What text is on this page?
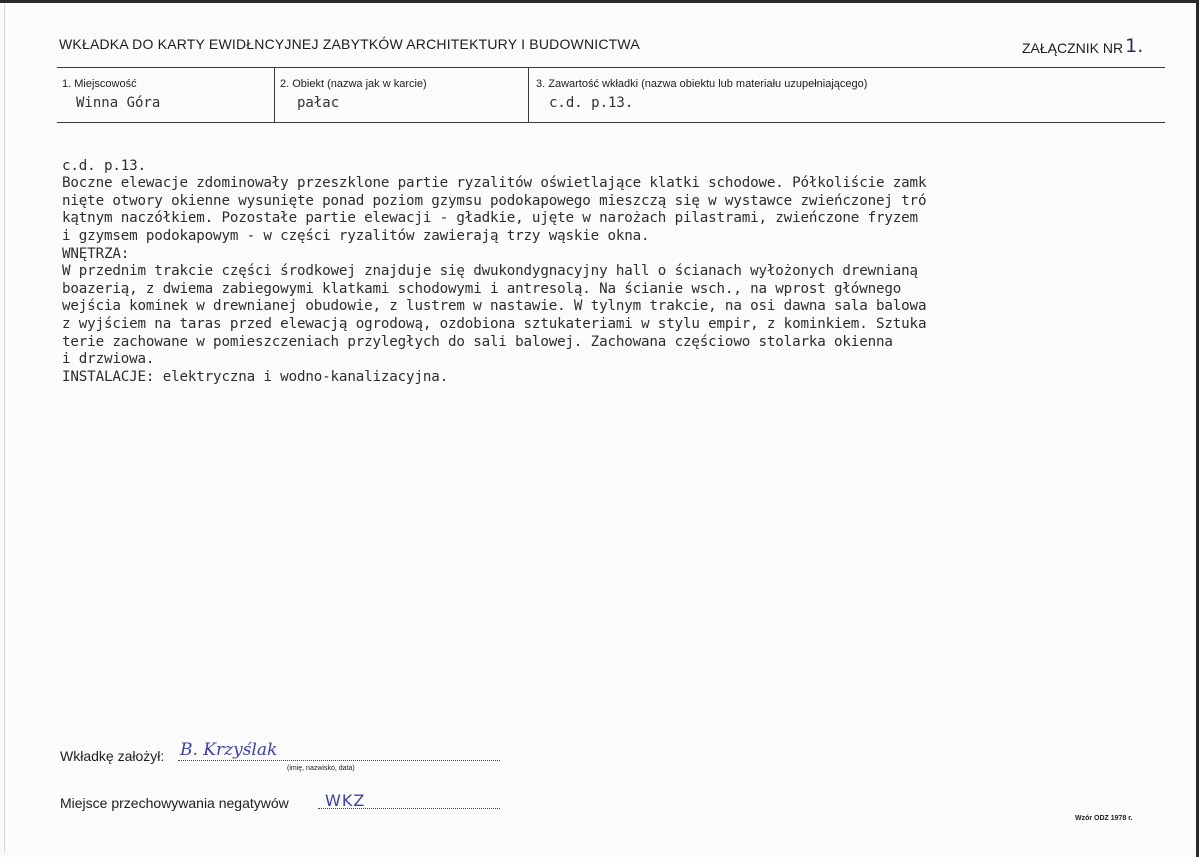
WKŁADKA DO KARTY EWIDŁNCYJNEJ ZABYTKÓW ARCHITEKTURY I BUDOWNICTWA	ZAŁĄCZNIK NR 1.
1. Miejscowość
Winna Góra
2. Obiekt (nazwa jak w karcie)
pałac
3. Zawartość wkładki (nazwa obiektu lub materiału uzupełniającego)
c.d. p.13.

c.d. p.13.
Boczne elewacje zdominowały przeszklone partie ryzalitów oświetlające klatki schodowe. Półkoliście zamk
nięte otwory okienne wysunięte ponad poziom gzymsu podokapowego mieszczą się w wystawce zwieńczonej tró
kątnym naczółkiem. Pozostałe partie elewacji - gładkie, ujęte w narożach pilastrami, zwieńczone fryzem
i gzymsem podokapowym - w części ryzalitów zawierają trzy wąskie okna.
WNĘTRZA:
W przednim trakcie części środkowej znajduje się dwukondygnacyjny hall o ścianach wyłożonych drewnianą
boazerią, z dwiema zabiegowymi klatkami schodowymi i antresolą. Na ścianie wsch., na wprost głównego
wejścia kominek w drewnianej obudowie, z lustrem w nastawie. W tylnym trakcie, na osi dawna sala balowa
z wyjściem na taras przed elewacją ogrodową, ozdobiona sztukateriami w stylu empir, z kominkiem. Sztuka
terie zachowane w pomieszczeniach przyległych do sali balowej. Zachowana częściowo stolarka okienna
i drzwiowa.
INSTALACJE: elektryczna i wodno-kanalizacyjna.

Wkładkę założył: B. Krzyślak
(imię, nazwisko, data)
Miejsce przechowywania negatywów WKZ
Wzór ODZ 1978 r.
